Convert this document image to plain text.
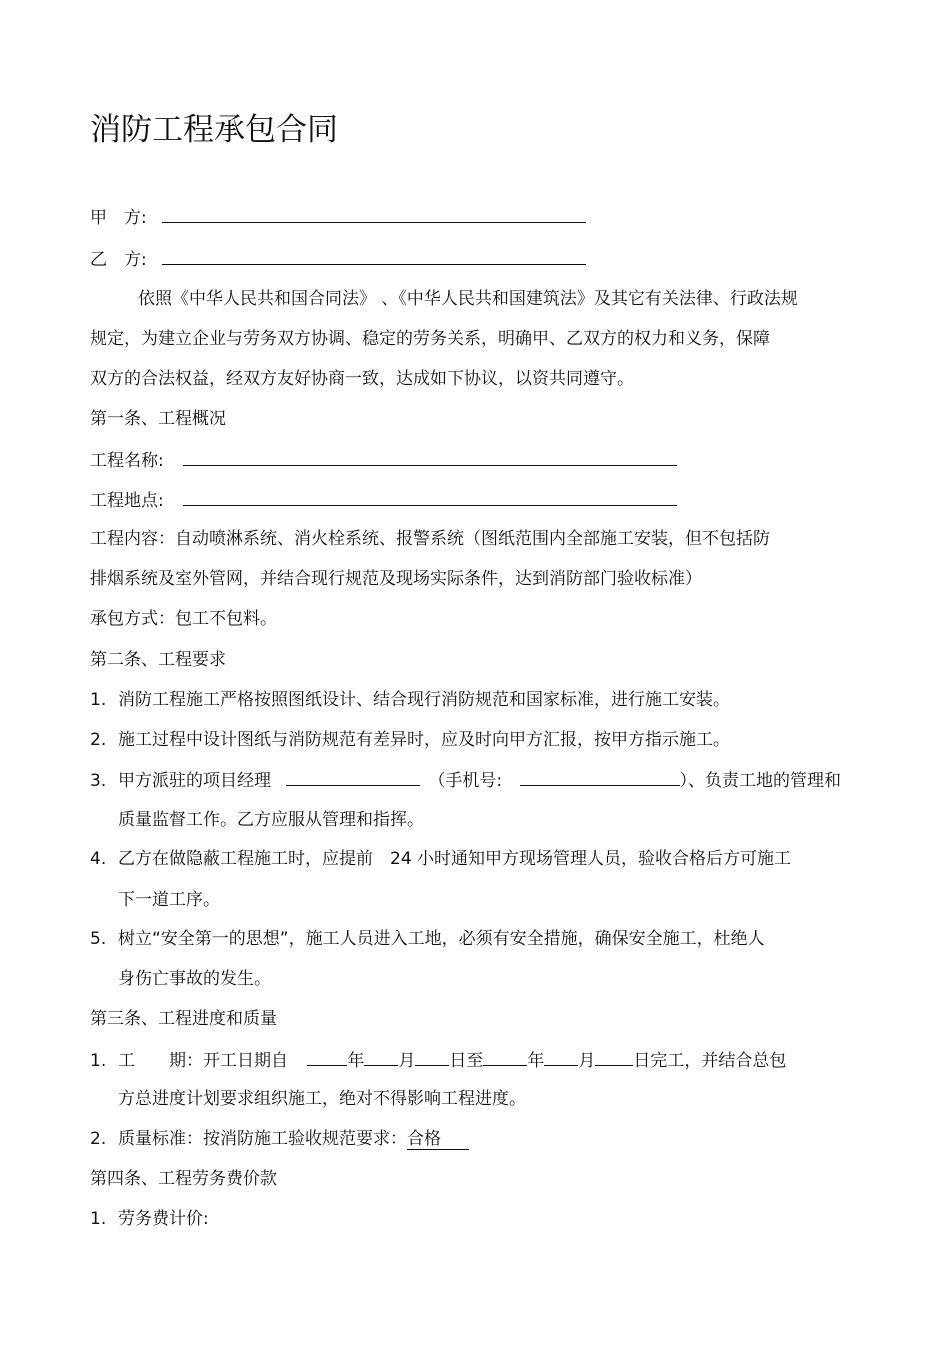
消防工程承包合同
甲　方:
乙　方:
依照《中华人民共和国合同法》 、《中华人民共和国建筑法》及其它有关法律、行政法规
规定，为建立企业与劳务双方协调、稳定的劳务关系，明确甲、乙双方的权力和义务，保障
双方的合法权益，经双方友好协商一致，达成如下协议，以资共同遵守。
第一条、工程概况
工程名称:
工程地点:
工程内容：自动喷淋系统、消火栓系统、报警系统（图纸范围内全部施工安装，但不包括防
排烟系统及室外管网，并结合现行规范及现场实际条件，达到消防部门验收标准）
承包方式：包工不包料。
第二条、工程要求
1. 消防工程施工严格按照图纸设计、结合现行消防规范和国家标准，进行施工安装。
2. 施工过程中设计图纸与消防规范有差异时，应及时向甲方汇报，按甲方指示施工。
3. 甲方派驻的项目经理	（手机号:	）、负责工地的管理和
质量监督工作。乙方应服从管理和指挥。
4. 乙方在做隐蔽工程施工时，应提前　24 小时通知甲方现场管理人员，验收合格后方可施工
下一道工序。
5. 树立“安全第一的思想”，施工人员进入工地，必须有安全措施，确保安全施工，杜绝人
身伤亡事故的发生。
第三条、工程进度和质量
1. 工　　期：开工日期自	年 月 日至	年 月 日完工，并结合总包
方总进度计划要求组织施工，绝对不得影响工程进度。
2. 质量标准：按消防施工验收规范要求：合格
第四条、工程劳务费价款
1. 劳务费计价:
